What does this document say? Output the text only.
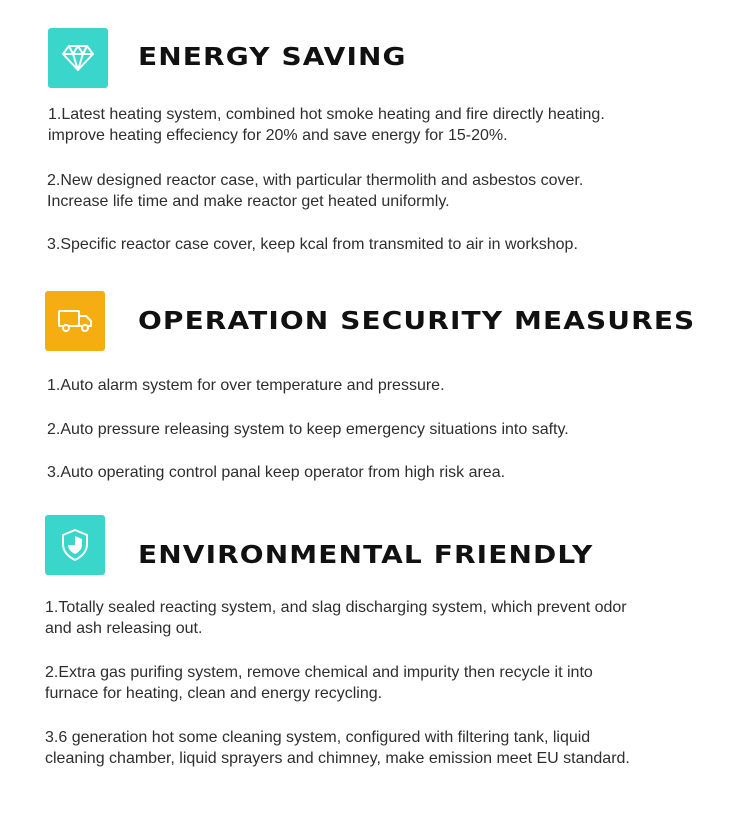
ENERGY SAVING

1.Latest heating system, combined hot smoke heating and fire directly heating.
improve heating effeciency for 20% and save energy for 15-20%.

2.New designed reactor case, with particular thermolith and asbestos cover.
Increase life time and make reactor get heated uniformly.

3.Specific reactor case cover, keep kcal from transmited to air in workshop.

OPERATION SECURITY MEASURES

1.Auto alarm system for over temperature and pressure.

2.Auto pressure releasing system to keep emergency situations into safty.

3.Auto operating control panal keep operator from high risk area.

ENVIRONMENTAL FRIENDLY

1.Totally sealed reacting system, and slag discharging system, which prevent odor
and ash releasing out.

2.Extra gas purifing system, remove chemical and impurity then recycle it into
furnace for heating, clean and energy recycling.

3.6 generation hot some cleaning system, configured with filtering tank, liquid
cleaning chamber, liquid sprayers and chimney, make emission meet EU standard.
